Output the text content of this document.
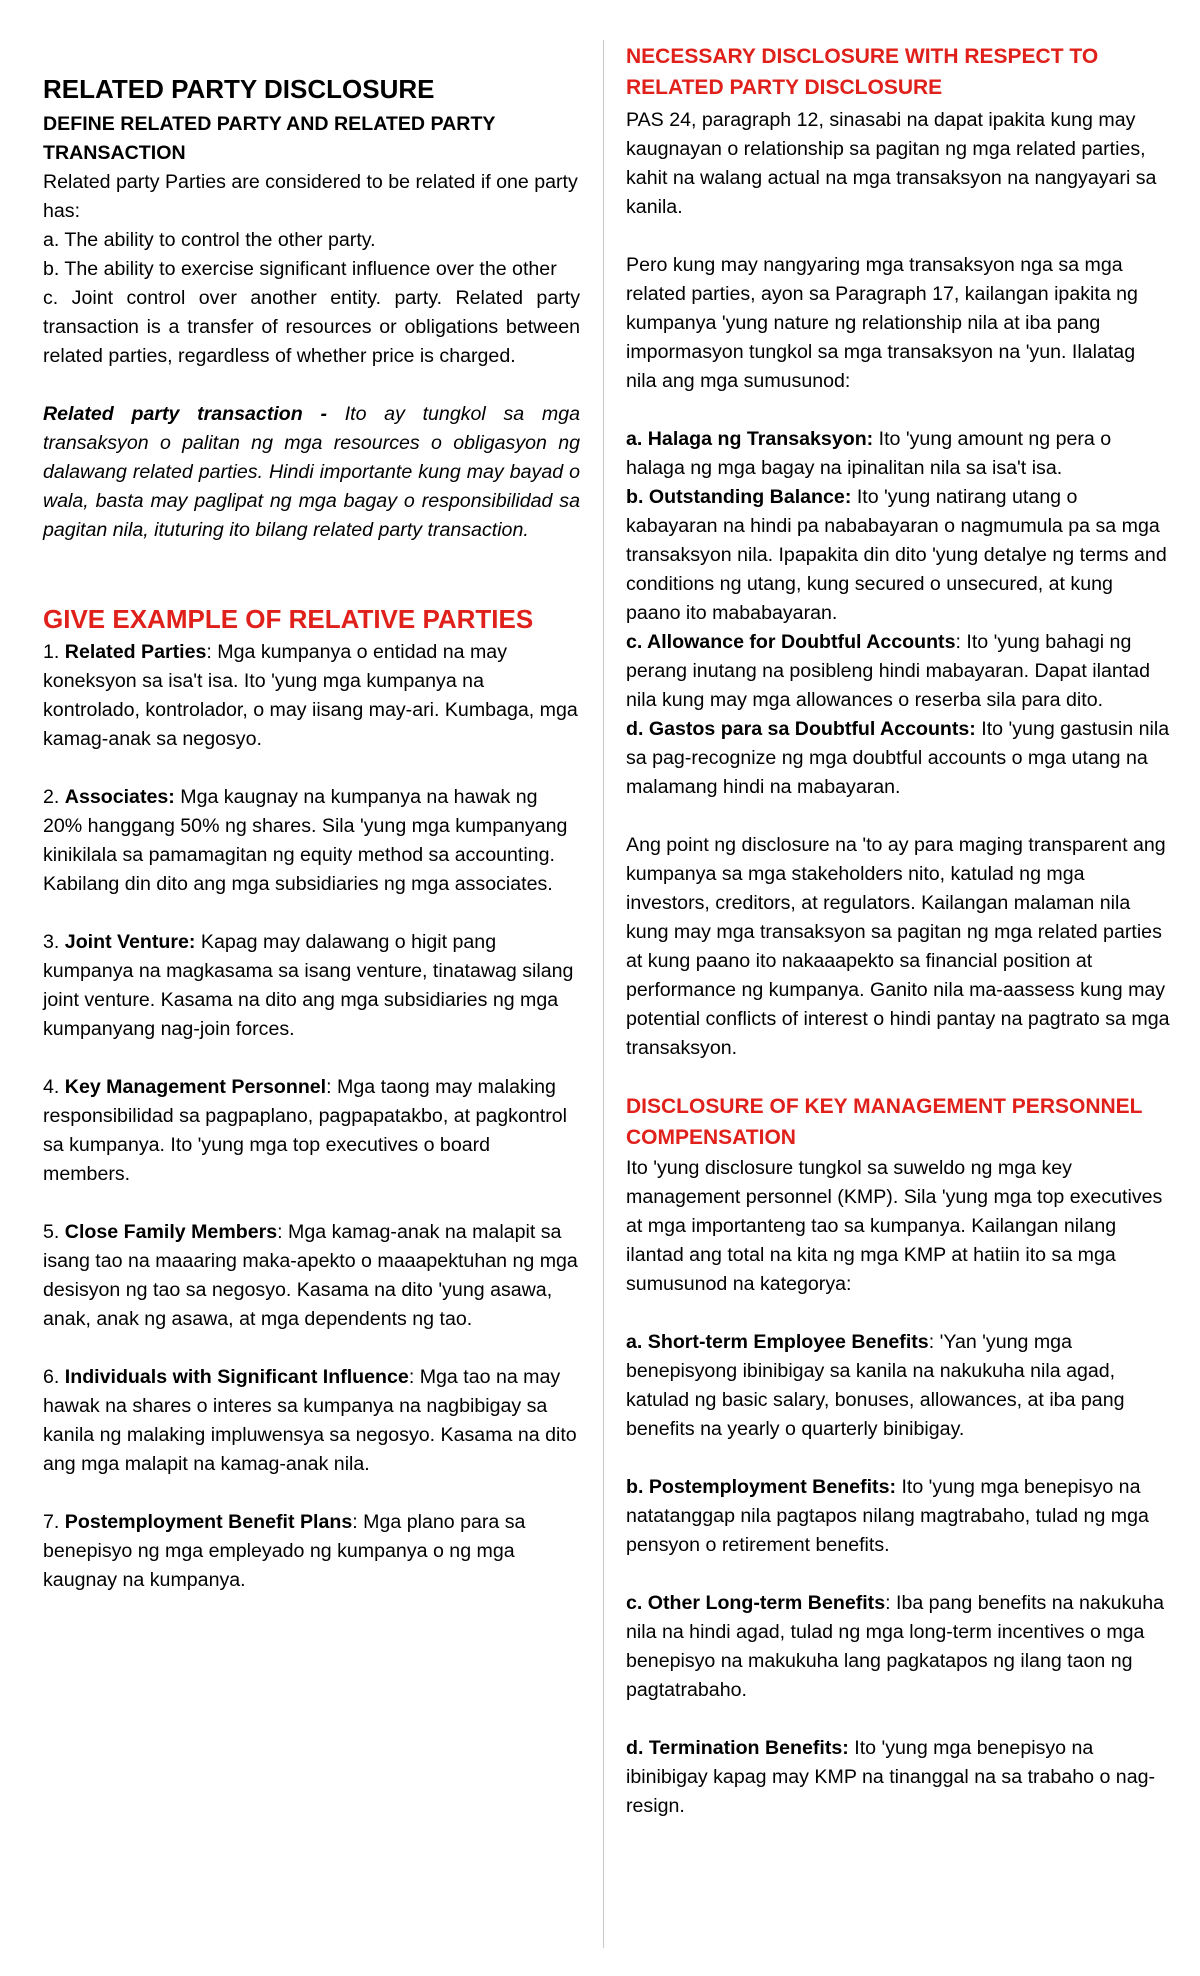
RELATED PARTY DISCLOSURE
DEFINE RELATED PARTY AND RELATED PARTY TRANSACTION

Related party Parties are considered to be related if one party has:

a. The ability to control the other party.

b. The ability to exercise significant influence over the other

c. Joint control over another entity. party. Related party transaction is a transfer of resources or obligations between related parties, regardless of whether price is charged.

Related party transaction - Ito ay tungkol sa mga transaksyon o palitan ng mga resources o obligasyon ng dalawang related parties. Hindi importante kung may bayad o wala, basta may paglipat ng mga bagay o responsibilidad sa pagitan nila, ituturing ito bilang related party transaction.

GIVE EXAMPLE OF RELATIVE PARTIES

1. Related Parties: Mga kumpanya o entidad na may koneksyon sa isa't isa. Ito 'yung mga kumpanya na kontrolado, kontrolador, o may iisang may-ari. Kumbaga, mga kamag-anak sa negosyo.

2. Associates: Mga kaugnay na kumpanya na hawak ng 20% hanggang 50% ng shares. Sila 'yung mga kumpanyang kinikilala sa pamamagitan ng equity method sa accounting. Kabilang din dito ang mga subsidiaries ng mga associates.

3. Joint Venture: Kapag may dalawang o higit pang kumpanya na magkasama sa isang venture, tinatawag silang joint venture. Kasama na dito ang mga subsidiaries ng mga kumpanyang nag-join forces.

4. Key Management Personnel: Mga taong may malaking responsibilidad sa pagpaplano, pagpapatakbo, at pagkontrol sa kumpanya. Ito 'yung mga top executives o board members.

5. Close Family Members: Mga kamag-anak na malapit sa isang tao na maaaring maka-apekto o maaapektuhan ng mga desisyon ng tao sa negosyo. Kasama na dito 'yung asawa, anak, anak ng asawa, at mga dependents ng tao.

6. Individuals with Significant Influence: Mga tao na may hawak na shares o interes sa kumpanya na nagbibigay sa kanila ng malaking impluwensya sa negosyo. Kasama na dito ang mga malapit na kamag-anak nila.

7. Postemployment Benefit Plans: Mga plano para sa benepisyo ng mga empleyado ng kumpanya o ng mga kaugnay na kumpanya.

NECESSARY DISCLOSURE WITH RESPECT TO RELATED PARTY DISCLOSURE

PAS 24, paragraph 12, sinasabi na dapat ipakita kung may kaugnayan o relationship sa pagitan ng mga related parties, kahit na walang actual na mga transaksyon na nangyayari sa kanila.

Pero kung may nangyaring mga transaksyon nga sa mga related parties, ayon sa Paragraph 17, kailangan ipakita ng kumpanya 'yung nature ng relationship nila at iba pang impormasyon tungkol sa mga transaksyon na 'yun. Ilalatag nila ang mga sumusunod:

a. Halaga ng Transaksyon: Ito 'yung amount ng pera o halaga ng mga bagay na ipinalitan nila sa isa't isa.

b. Outstanding Balance: Ito 'yung natirang utang o kabayaran na hindi pa nababayaran o nagmumula pa sa mga transaksyon nila. Ipapakita din dito 'yung detalye ng terms and conditions ng utang, kung secured o unsecured, at kung paano ito mababayaran.

c. Allowance for Doubtful Accounts: Ito 'yung bahagi ng perang inutang na posibleng hindi mabayaran. Dapat ilantad nila kung may mga allowances o reserba sila para dito.

d. Gastos para sa Doubtful Accounts: Ito 'yung gastusin nila sa pag-recognize ng mga doubtful accounts o mga utang na malamang hindi na mabayaran.

Ang point ng disclosure na 'to ay para maging transparent ang kumpanya sa mga stakeholders nito, katulad ng mga investors, creditors, at regulators. Kailangan malaman nila kung may mga transaksyon sa pagitan ng mga related parties at kung paano ito nakaaapekto sa financial position at performance ng kumpanya. Ganito nila ma-aassess kung may potential conflicts of interest o hindi pantay na pagtrato sa mga transaksyon.

DISCLOSURE OF KEY MANAGEMENT PERSONNEL COMPENSATION

Ito 'yung disclosure tungkol sa suweldo ng mga key management personnel (KMP). Sila 'yung mga top executives at mga importanteng tao sa kumpanya. Kailangan nilang ilantad ang total na kita ng mga KMP at hatiin ito sa mga sumusunod na kategorya:

a. Short-term Employee Benefits: 'Yan 'yung mga benepisyong ibinibigay sa kanila na nakukuha nila agad, katulad ng basic salary, bonuses, allowances, at iba pang benefits na yearly o quarterly binibigay.

b. Postemployment Benefits: Ito 'yung mga benepisyo na natatanggap nila pagtapos nilang magtrabaho, tulad ng mga pensyon o retirement benefits.

c. Other Long-term Benefits: Iba pang benefits na nakukuha nila na hindi agad, tulad ng mga long-term incentives o mga benepisyo na makukuha lang pagkatapos ng ilang taon ng pagtatrabaho.

d. Termination Benefits: Ito 'yung mga benepisyo na ibinibigay kapag may KMP na tinanggal na sa trabaho o nag-resign.
